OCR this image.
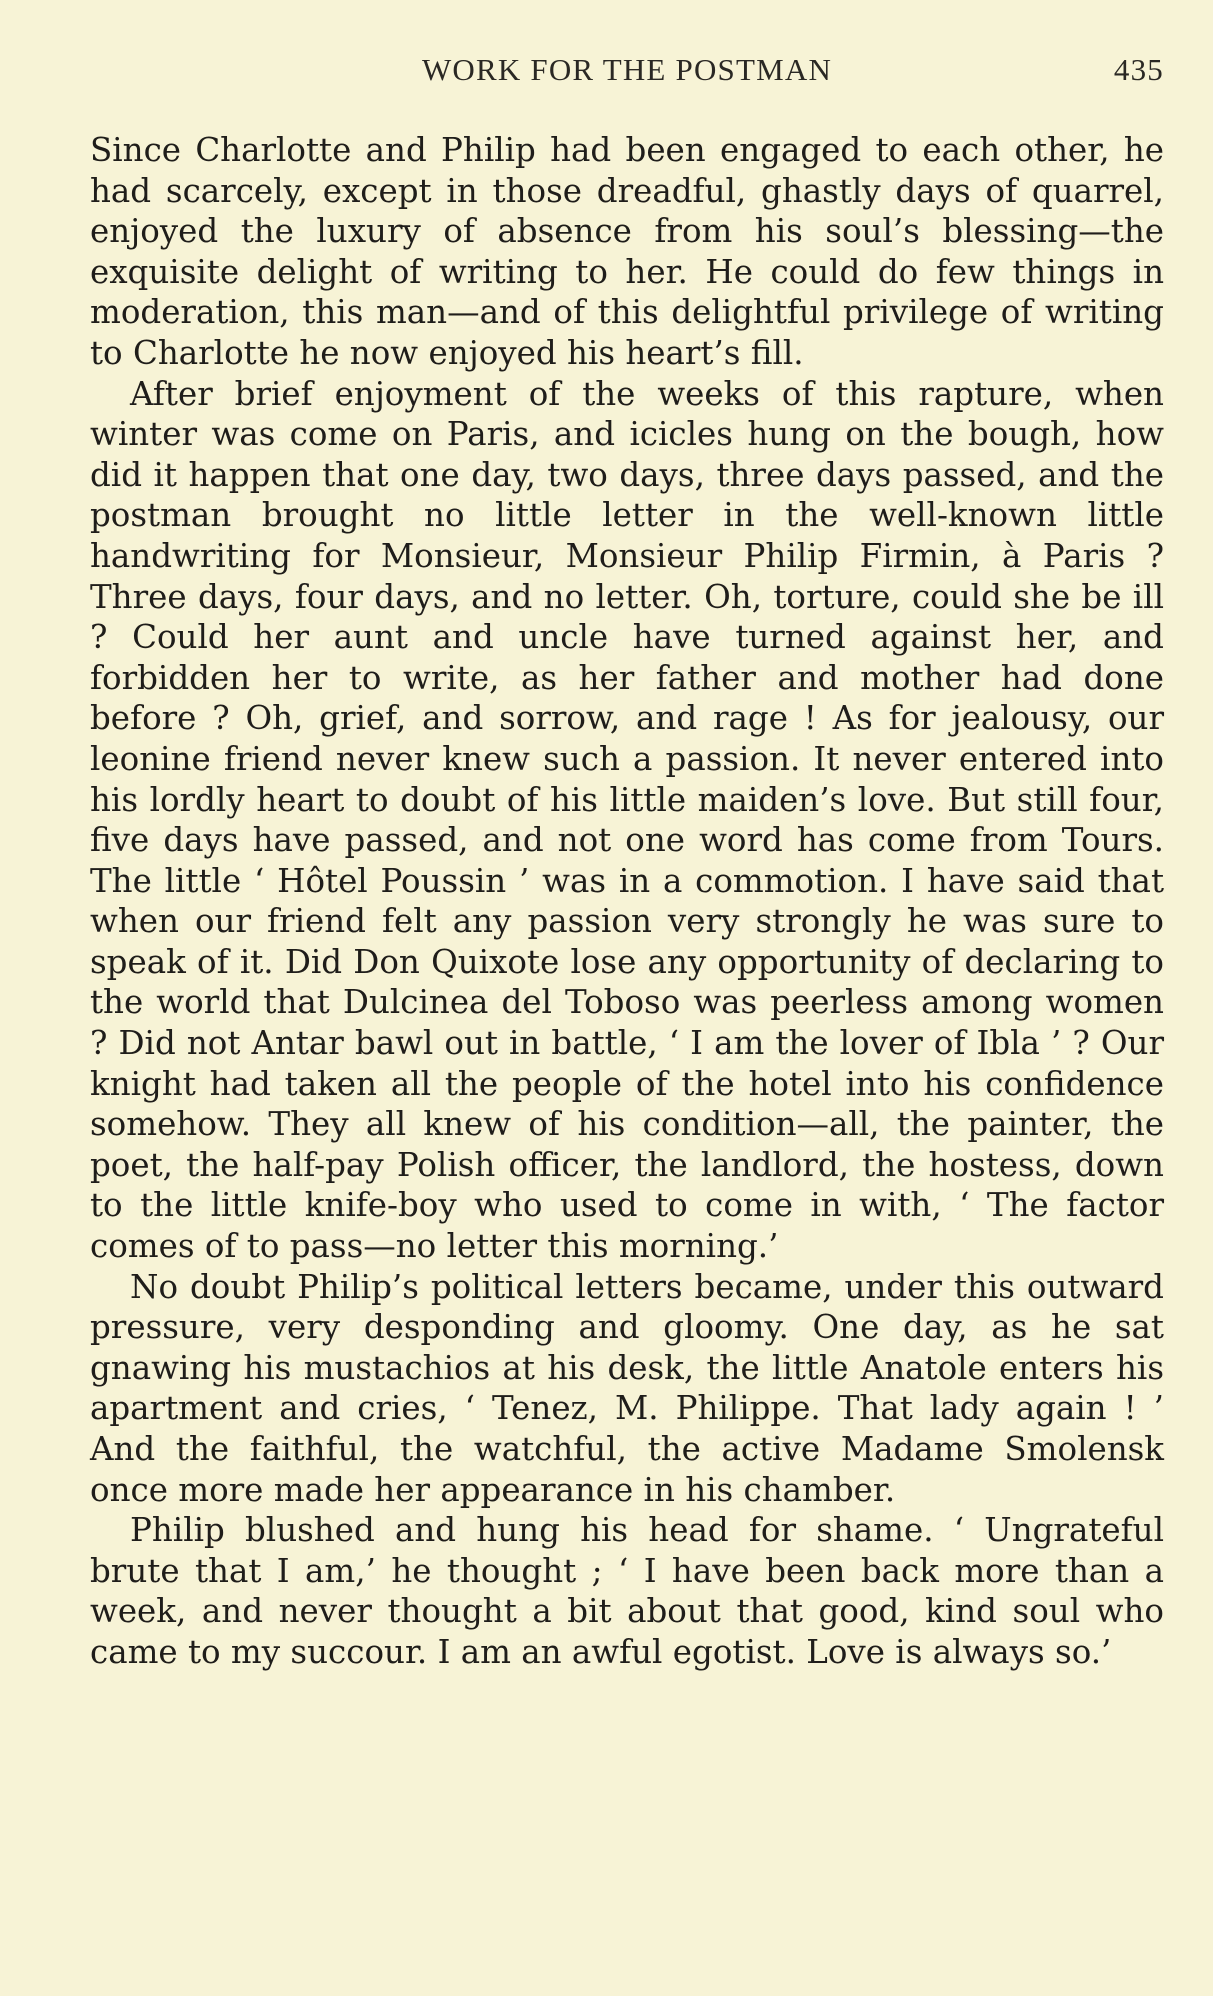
WORK FOR THE POSTMAN	435

Since Charlotte and Philip had been engaged to each other, he had scarcely, except in those dreadful, ghastly days of quarrel, enjoyed the luxury of absence from his soul’s blessing—the exquisite delight of writing to her. He could do few things in moderation, this man—and of this delightful privilege of writing to Charlotte he now enjoyed his heart’s fill.

After brief enjoyment of the weeks of this rapture, when winter was come on Paris, and icicles hung on the bough, how did it happen that one day, two days, three days passed, and the postman brought no little letter in the well-known little handwriting for Monsieur, Monsieur Philip Firmin, à Paris ? Three days, four days, and no letter. Oh, torture, could she be ill ? Could her aunt and uncle have turned against her, and forbidden her to write, as her father and mother had done before ? Oh, grief, and sorrow, and rage ! As for jealousy, our leonine friend never knew such a passion. It never entered into his lordly heart to doubt of his little maiden’s love. But still four, five days have passed, and not one word has come from Tours. The little ‘ Hôtel Poussin ’ was in a commotion. I have said that when our friend felt any passion very strongly he was sure to speak of it. Did Don Quixote lose any opportunity of declaring to the world that Dulcinea del Toboso was peerless among women ? Did not Antar bawl out in battle, ‘ I am the lover of Ibla ’ ? Our knight had taken all the people of the hotel into his confidence somehow. They all knew of his condition—all, the painter, the poet, the half-pay Polish officer, the landlord, the hostess, down to the little knife-boy who used to come in with, ‘ The factor comes of to pass—no letter this morning.’

No doubt Philip’s political letters became, under this outward pressure, very desponding and gloomy. One day, as he sat gnawing his mustachios at his desk, the little Anatole enters his apartment and cries, ‘ Tenez, M. Philippe. That lady again ! ’ And the faithful, the watchful, the active Madame Smolensk once more made her appearance in his chamber.

Philip blushed and hung his head for shame. ‘ Ungrateful brute that I am,’ he thought ; ‘ I have been back more than a week, and never thought a bit about that good, kind soul who came to my succour. I am an awful egotist. Love is always so.’
